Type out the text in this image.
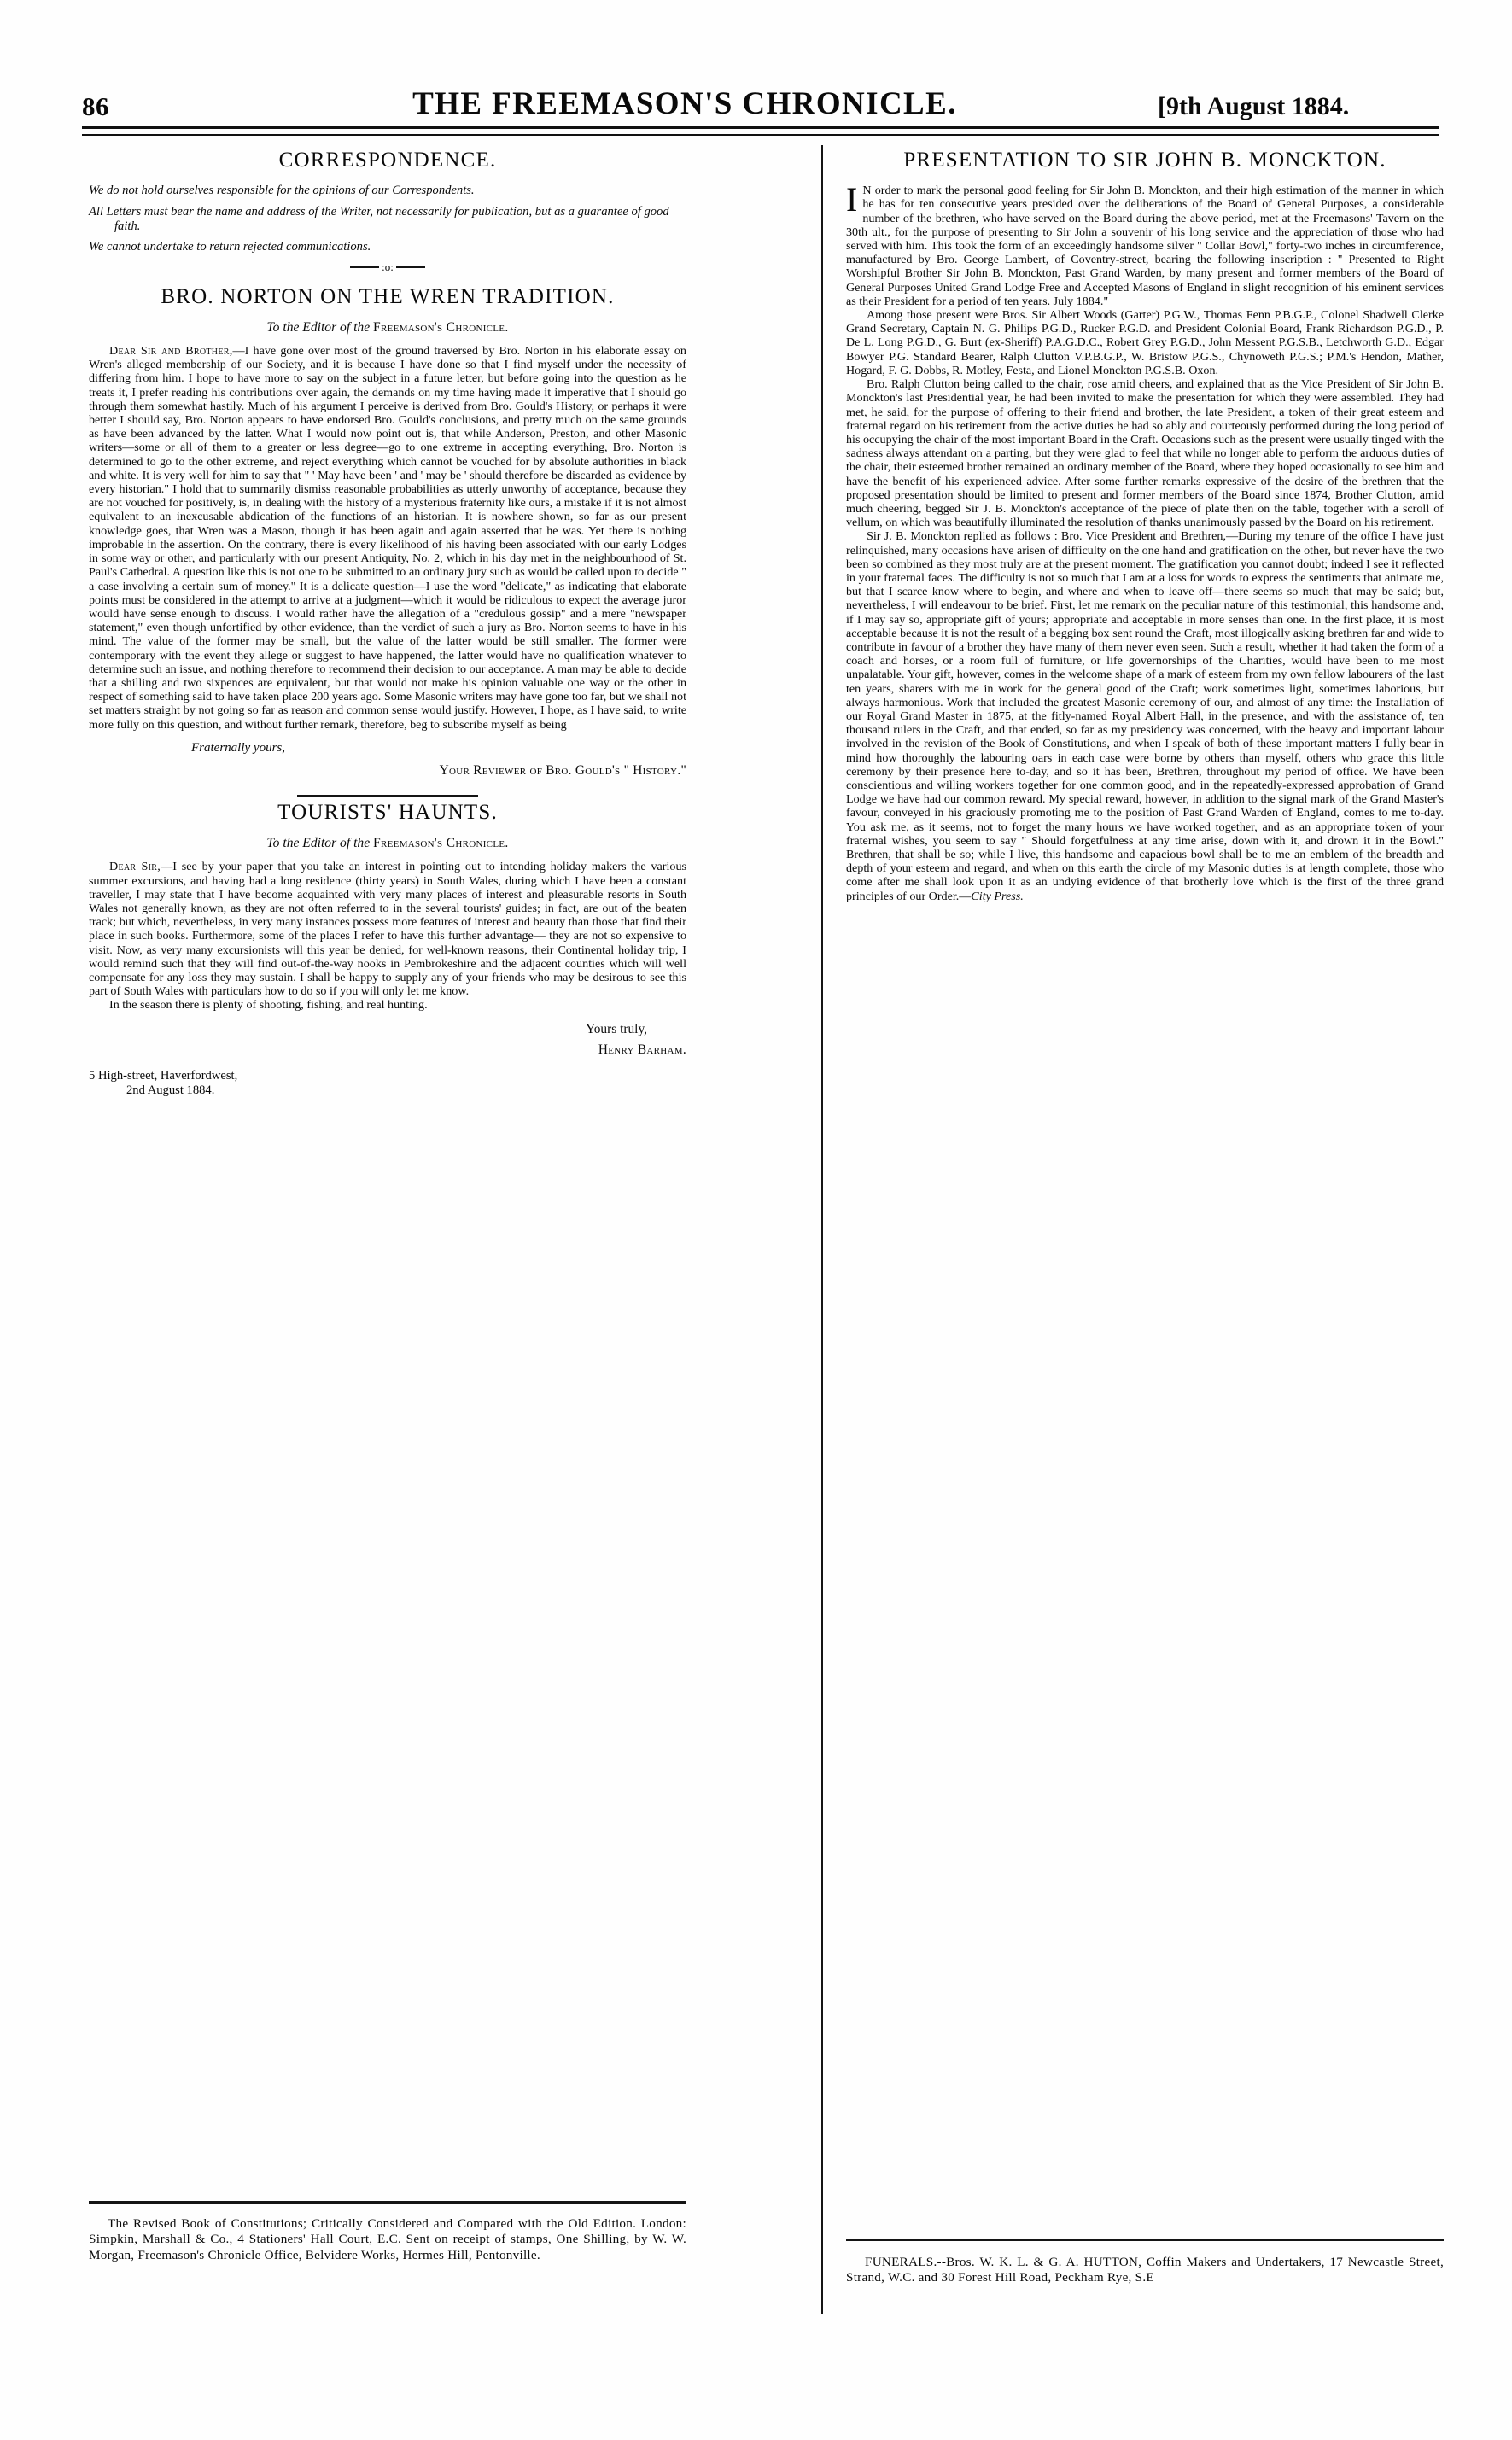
86	THE FREEMASON'S CHRONICLE.	[9th August 1884.
CORRESPONDENCE.
We do not hold ourselves responsible for the opinions of our Correspondents.
All Letters must bear the name and address of the Writer, not necessarily for publication, but as a guarantee of good faith.
We cannot undertake to return rejected communications.
:o:
BRO. NORTON ON THE WREN TRADITION.
To the Editor of the Freemason's Chronicle.

Dear Sir and Brother,—I have gone over most of the ground traversed by Bro. Norton in his elaborate essay on Wren's alleged membership of our Society, and it is because I have done so that I find myself under the necessity of differing from him. I hope to have more to say on the subject in a future letter, but before going into the question as he treats it, I prefer reading his contributions over again, the demands on my time having made it imperative that I should go through them somewhat hastily. Much of his argument I perceive is derived from Bro. Gould's History, or perhaps it were better I should say, Bro. Norton appears to have endorsed Bro. Gould's conclusions, and pretty much on the same grounds as have been advanced by the latter. What I would now point out is, that while Anderson, Preston, and other Masonic writers—some or all of them to a greater or less degree—go to one extreme in accepting everything, Bro. Norton is determined to go to the other extreme, and reject everything which cannot be vouched for by absolute authorities in black and white. It is very well for him to say that " ' May have been ' and ' may be ' should therefore be discarded as evidence by every historian." I hold that to summarily dismiss reasonable probabilities as utterly unworthy of acceptance, because they are not vouched for positively, is, in dealing with the history of a mysterious fraternity like ours, a mistake if it is not almost equivalent to an inexcusable abdication of the functions of an historian. It is nowhere shown, so far as our present knowledge goes, that Wren was a Mason, though it has been again and again asserted that he was. Yet there is nothing improbable in the assertion. On the contrary, there is every likelihood of his having been associated with our early Lodges in some way or other, and particularly with our present Antiquity, No. 2, which in his day met in the neighbourhood of St. Paul's Cathedral. A question like this is not one to be submitted to an ordinary jury such as would be called upon to decide " a case involving a certain sum of money." It is a delicate question—I use the word "delicate," as indicating that elaborate points must be considered in the attempt to arrive at a judgment—which it would be ridiculous to expect the average juror would have sense enough to discuss. I would rather have the allegation of a "credulous gossip" and a mere "newspaper statement," even though unfortified by other evidence, than the verdict of such a jury as Bro. Norton seems to have in his mind. The value of the former may be small, but the value of the latter would be still smaller. The former were contemporary with the event they allege or suggest to have happened, the latter would have no qualification whatever to determine such an issue, and nothing therefore to recommend their decision to our acceptance. A man may be able to decide that a shilling and two sixpences are equivalent, but that would not make his opinion valuable one way or the other in respect of something said to have taken place 200 years ago. Some Masonic writers may have gone too far, but we shall not set matters straight by not going so far as reason and common sense would justify. However, I hope, as I have said, to write more fully on this question, and without further remark, therefore, beg to subscribe myself as being

Fraternally yours,
Your Reviewer of Bro. Gould's " History."
TOURISTS' HAUNTS.
To the Editor of the Freemason's Chronicle.

Dear Sir,—I see by your paper that you take an interest in pointing out to intending holiday makers the various summer excursions, and having had a long residence (thirty years) in South Wales, during which I have been a constant traveller, I may state that I have become acquainted with very many places of interest and pleasurable resorts in South Wales not generally known, as they are not often referred to in the several tourists' guides; in fact, are out of the beaten track; but which, nevertheless, in very many instances possess more features of interest and beauty than those that find their place in such books. Furthermore, some of the places I refer to have this further advantage— they are not so expensive to visit. Now, as very many excursionists will this year be denied, for well-known reasons, their Continental holiday trip, I would remind such that they will find out-of-the-way nooks in Pembrokeshire and the adjacent counties which will well compensate for any loss they may sustain. I shall be happy to supply any of your friends who may be desirous to see this part of South Wales with particulars how to do so if you will only let me know.

In the season there is plenty of shooting, fishing, and real hunting.

Yours truly,
Henry Barham.
5 High-street, Haverfordwest,
2nd August 1884.
The Revised Book of Constitutions; Critically Considered and Compared with the Old Edition. London: Simpkin, Marshall & Co., 4 Stationers' Hall Court, E.C. Sent on receipt of stamps, One Shilling, by W. W. Morgan, Freemason's Chronicle Office, Belvidere Works, Hermes Hill, Pentonville.
PRESENTATION TO SIR JOHN B. MONCKTON.

I N order to mark the personal good feeling for Sir John B. Monckton, and their high estimation of the manner in which he has for ten consecutive years presided over the deliberations of the Board of General Purposes, a considerable number of the brethren, who have served on the Board during the above period, met at the Freemasons' Tavern on the 30th ult., for the purpose of presenting to Sir John a souvenir of his long service and the appreciation of those who had served with him. This took the form of an exceedingly handsome silver " Collar Bowl," forty-two inches in circumference, manufactured by Bro. George Lambert, of Coventry-street, bearing the following inscription : " Presented to Right Worshipful Brother Sir John B. Monckton, Past Grand Warden, by many present and former members of the Board of General Purposes United Grand Lodge Free and Accepted Masons of England in slight recognition of his eminent services as their President for a period of ten years. July 1884."

Among those present were Bros. Sir Albert Woods (Garter) P.G.W., Thomas Fenn P.B.G.P., Colonel Shadwell Clerke Grand Secretary, Captain N. G. Philips P.G.D., Rucker P.G.D. and President Colonial Board, Frank Richardson P.G.D., P. De L. Long P.G.D., G. Burt (ex-Sheriff) P.A.G.D.C., Robert Grey P.G.D., John Messent P.G.S.B., Letchworth G.D., Edgar Bowyer P.G. Standard Bearer, Ralph Clutton V.P.B.G.P., W. Bristow P.G.S., Chynoweth P.G.S.; P.M.'s Hendon, Mather, Hogard, F. G. Dobbs, R. Motley, Festa, and Lionel Monckton P.G.S.B. Oxon.

Bro. Ralph Clutton being called to the chair, rose amid cheers, and explained that as the Vice President of Sir John B. Monckton's last Presidential year, he had been invited to make the presentation for which they were assembled. They had met, he said, for the purpose of offering to their friend and brother, the late President, a token of their great esteem and fraternal regard on his retirement from the active duties he had so ably and courteously performed during the long period of his occupying the chair of the most important Board in the Craft. Occasions such as the present were usually tinged with the sadness always attendant on a parting, but they were glad to feel that while no longer able to perform the arduous duties of the chair, their esteemed brother remained an ordinary member of the Board, where they hoped occasionally to see him and have the benefit of his experienced advice. After some further remarks expressive of the desire of the brethren that the proposed presentation should be limited to present and former members of the Board since 1874, Brother Clutton, amid much cheering, begged Sir J. B. Monckton's acceptance of the piece of plate then on the table, together with a scroll of vellum, on which was beautifully illuminated the resolution of thanks unanimously passed by the Board on his retirement.

Sir J. B. Monckton replied as follows : Bro. Vice President and Brethren,—During my tenure of the office I have just relinquished, many occasions have arisen of difficulty on the one hand and gratification on the other, but never have the two been so combined as they most truly are at the present moment. The gratification you cannot doubt; indeed I see it reflected in your fraternal faces. The difficulty is not so much that I am at a loss for words to express the sentiments that animate me, but that I scarce know where to begin, and where and when to leave off—there seems so much that may be said; but, nevertheless, I will endeavour to be brief. First, let me remark on the peculiar nature of this testimonial, this handsome and, if I may say so, appropriate gift of yours; appropriate and acceptable in more senses than one. In the first place, it is most acceptable because it is not the result of a begging box sent round the Craft, most illogically asking brethren far and wide to contribute in favour of a brother they have many of them never even seen. Such a result, whether it had taken the form of a coach and horses, or a room full of furniture, or life governorships of the Charities, would have been to me most unpalatable. Your gift, however, comes in the welcome shape of a mark of esteem from my own fellow labourers of the last ten years, sharers with me in work for the general good of the Craft; work sometimes light, sometimes laborious, but always harmonious. Work that included the greatest Masonic ceremony of our, and almost of any time: the Installation of our Royal Grand Master in 1875, at the fitly-named Royal Albert Hall, in the presence, and with the assistance of, ten thousand rulers in the Craft, and that ended, so far as my presidency was concerned, with the heavy and important labour involved in the revision of the Book of Constitutions, and when I speak of both of these important matters I fully bear in mind how thoroughly the labouring oars in each case were borne by others than myself, others who grace this little ceremony by their presence here to-day, and so it has been, Brethren, throughout my period of office. We have been conscientious and willing workers together for one common good, and in the repeatedly-expressed approbation of Grand Lodge we have had our common reward. My special reward, however, in addition to the signal mark of the Grand Master's favour, conveyed in his graciously promoting me to the position of Past Grand Warden of England, comes to me to-day. You ask me, as it seems, not to forget the many hours we have worked together, and as an appropriate token of your fraternal wishes, you seem to say " Should forgetfulness at any time arise, down with it, and drown it in the Bowl." Brethren, that shall be so; while I live, this handsome and capacious bowl shall be to me an emblem of the breadth and depth of your esteem and regard, and when on this earth the circle of my Masonic duties is at length complete, those who come after me shall look upon it as an undying evidence of that brotherly love which is the first of the three grand principles of our Order.—City Press.

FUNERALS.--Bros. W. K. L. & G. A. HUTTON, Coffin Makers and Undertakers, 17 Newcastle Street, Strand, W.C. and 30 Forest Hill Road, Peckham Rye, S.E
